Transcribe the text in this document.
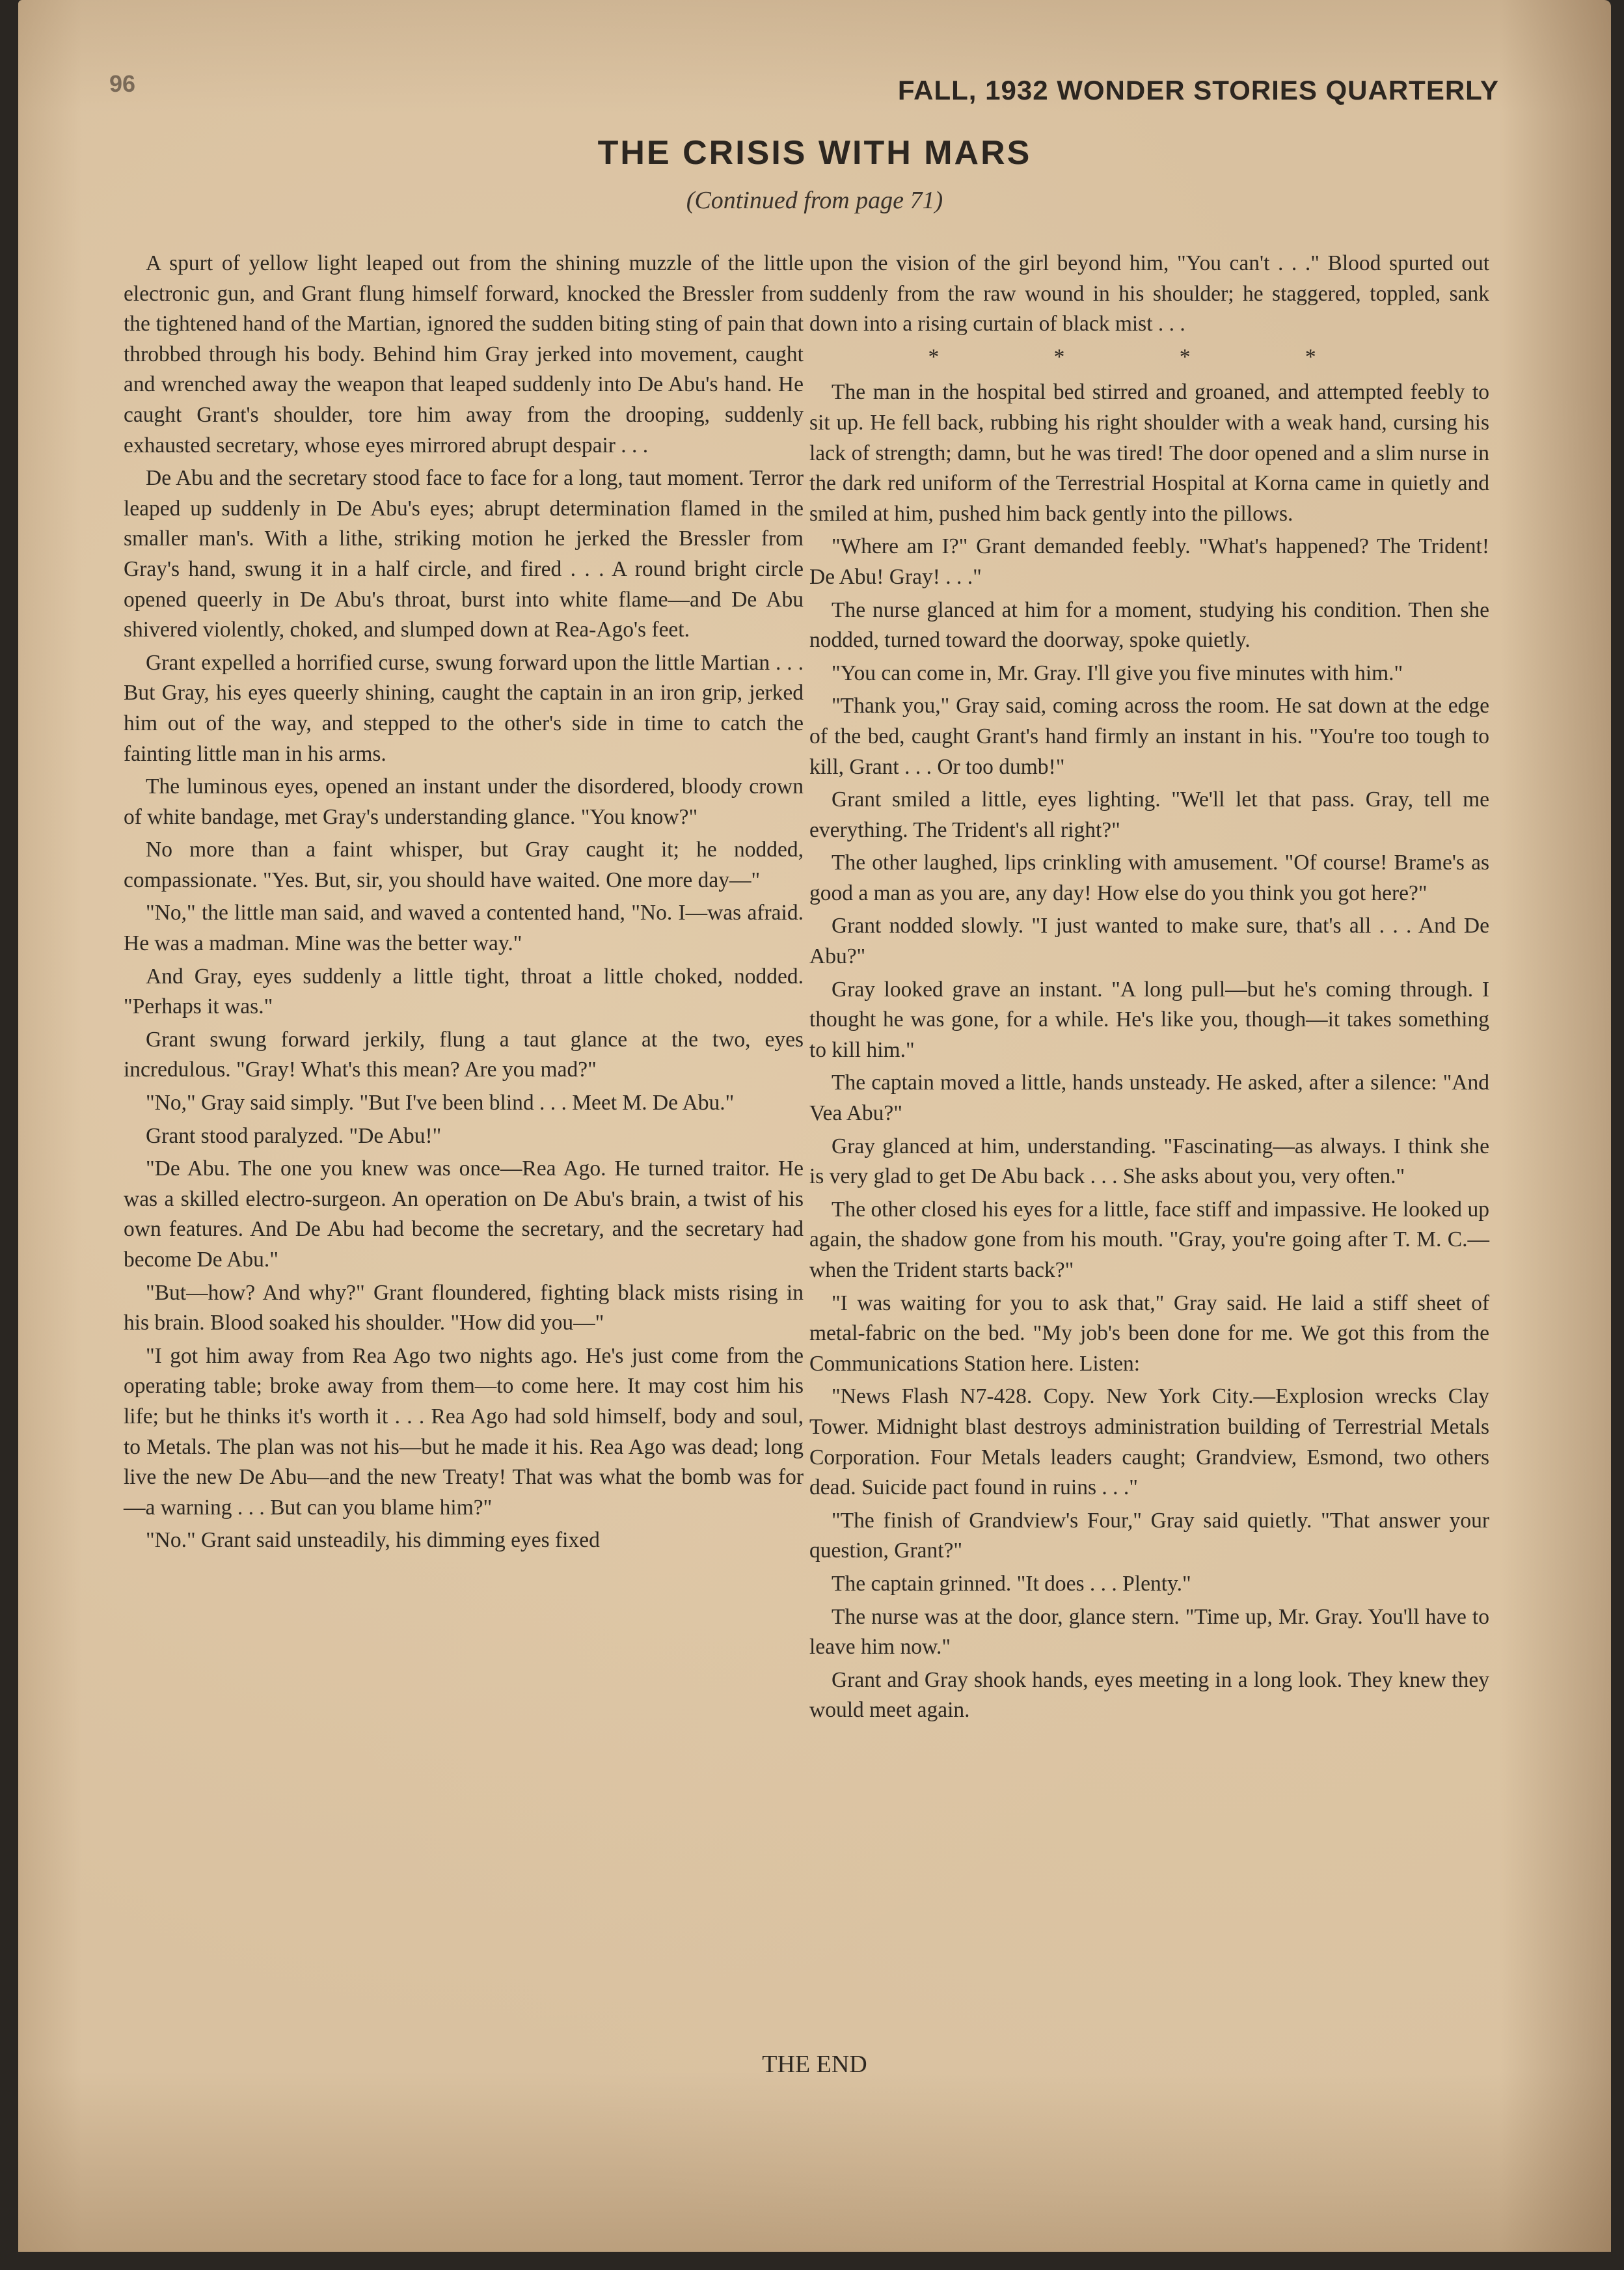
96	FALL, 1932 WONDER STORIES QUARTERLY
THE CRISIS WITH MARS
(Continued from page 71)

A spurt of yellow light leaped out from the shining muzzle of the little electronic gun, and Grant flung himself forward, knocked the Bressler from the tightened hand of the Martian, ignored the sudden biting sting of pain that throbbed through his body. Behind him Gray jerked into movement, caught and wrenched away the weapon that leaped suddenly into De Abu's hand. He caught Grant's shoulder, tore him away from the drooping, suddenly exhausted secretary, whose eyes mirrored abrupt despair . . .

De Abu and the secretary stood face to face for a long, taut moment. Terror leaped up suddenly in De Abu's eyes; abrupt determination flamed in the smaller man's. With a lithe, striking motion he jerked the Bressler from Gray's hand, swung it in a half circle, and fired . . . A round bright circle opened queerly in De Abu's throat, burst into white flame—and De Abu shivered violently, choked, and slumped down at Rea-Ago's feet.

Grant expelled a horrified curse, swung forward upon the little Martian . . . But Gray, his eyes queerly shining, caught the captain in an iron grip, jerked him out of the way, and stepped to the other's side in time to catch the fainting little man in his arms.

The luminous eyes, opened an instant under the disordered, bloody crown of white bandage, met Gray's understanding glance. "You know?"

No more than a faint whisper, but Gray caught it; he nodded, compassionate. "Yes. But, sir, you should have waited. One more day—"

"No," the little man said, and waved a contented hand, "No. I—was afraid. He was a madman. Mine was the better way."

And Gray, eyes suddenly a little tight, throat a little choked, nodded. "Perhaps it was."

Grant swung forward jerkily, flung a taut glance at the two, eyes incredulous. "Gray! What's this mean? Are you mad?"

"No," Gray said simply. "But I've been blind . . . Meet M. De Abu."

Grant stood paralyzed. "De Abu!"

"De Abu. The one you knew was once—Rea Ago. He turned traitor. He was a skilled electro-surgeon. An operation on De Abu's brain, a twist of his own features. And De Abu had become the secretary, and the secretary had become De Abu."

"But—how? And why?" Grant floundered, fighting black mists rising in his brain. Blood soaked his shoulder. "How did you—"

"I got him away from Rea Ago two nights ago. He's just come from the operating table; broke away from them—to come here. It may cost him his life; but he thinks it's worth it . . . Rea Ago had sold himself, body and soul, to Metals. The plan was not his—but he made it his. Rea Ago was dead; long live the new De Abu—and the new Treaty! That was what the bomb was for—a warning . . . But can you blame him?"

"No." Grant said unsteadily, his dimming eyes fixed

upon the vision of the girl beyond him, "You can't . . ." Blood spurted out suddenly from the raw wound in his shoulder; he staggered, toppled, sank down into a rising curtain of black mist . . .

* * * *

The man in the hospital bed stirred and groaned, and attempted feebly to sit up. He fell back, rubbing his right shoulder with a weak hand, cursing his lack of strength; damn, but he was tired! The door opened and a slim nurse in the dark red uniform of the Terrestrial Hospital at Korna came in quietly and smiled at him, pushed him back gently into the pillows.

"Where am I?" Grant demanded feebly. "What's happened? The Trident! De Abu! Gray! . . ."

The nurse glanced at him for a moment, studying his condition. Then she nodded, turned toward the doorway, spoke quietly.

"You can come in, Mr. Gray. I'll give you five minutes with him."

"Thank you," Gray said, coming across the room. He sat down at the edge of the bed, caught Grant's hand firmly an instant in his. "You're too tough to kill, Grant . . . Or too dumb!"

Grant smiled a little, eyes lighting. "We'll let that pass. Gray, tell me everything. The Trident's all right?"

The other laughed, lips crinkling with amusement. "Of course! Brame's as good a man as you are, any day! How else do you think you got here?"

Grant nodded slowly. "I just wanted to make sure, that's all . . . And De Abu?"

Gray looked grave an instant. "A long pull—but he's coming through. I thought he was gone, for a while. He's like you, though—it takes something to kill him."

The captain moved a little, hands unsteady. He asked, after a silence: "And Vea Abu?"

Gray glanced at him, understanding. "Fascinating—as always. I think she is very glad to get De Abu back . . . She asks about you, very often."

The other closed his eyes for a little, face stiff and impassive. He looked up again, the shadow gone from his mouth. "Gray, you're going after T. M. C.—when the Trident starts back?"

"I was waiting for you to ask that," Gray said. He laid a stiff sheet of metal-fabric on the bed. "My job's been done for me. We got this from the Communications Station here. Listen:

"News Flash N7-428. Copy. New York City.—Explosion wrecks Clay Tower. Midnight blast destroys administration building of Terrestrial Metals Corporation. Four Metals leaders caught; Grandview, Esmond, two others dead. Suicide pact found in ruins . . ."

"The finish of Grandview's Four," Gray said quietly. "That answer your question, Grant?"

The captain grinned. "It does . . . Plenty."

The nurse was at the door, glance stern. "Time up, Mr. Gray. You'll have to leave him now."

Grant and Gray shook hands, eyes meeting in a long look. They knew they would meet again.

THE END
